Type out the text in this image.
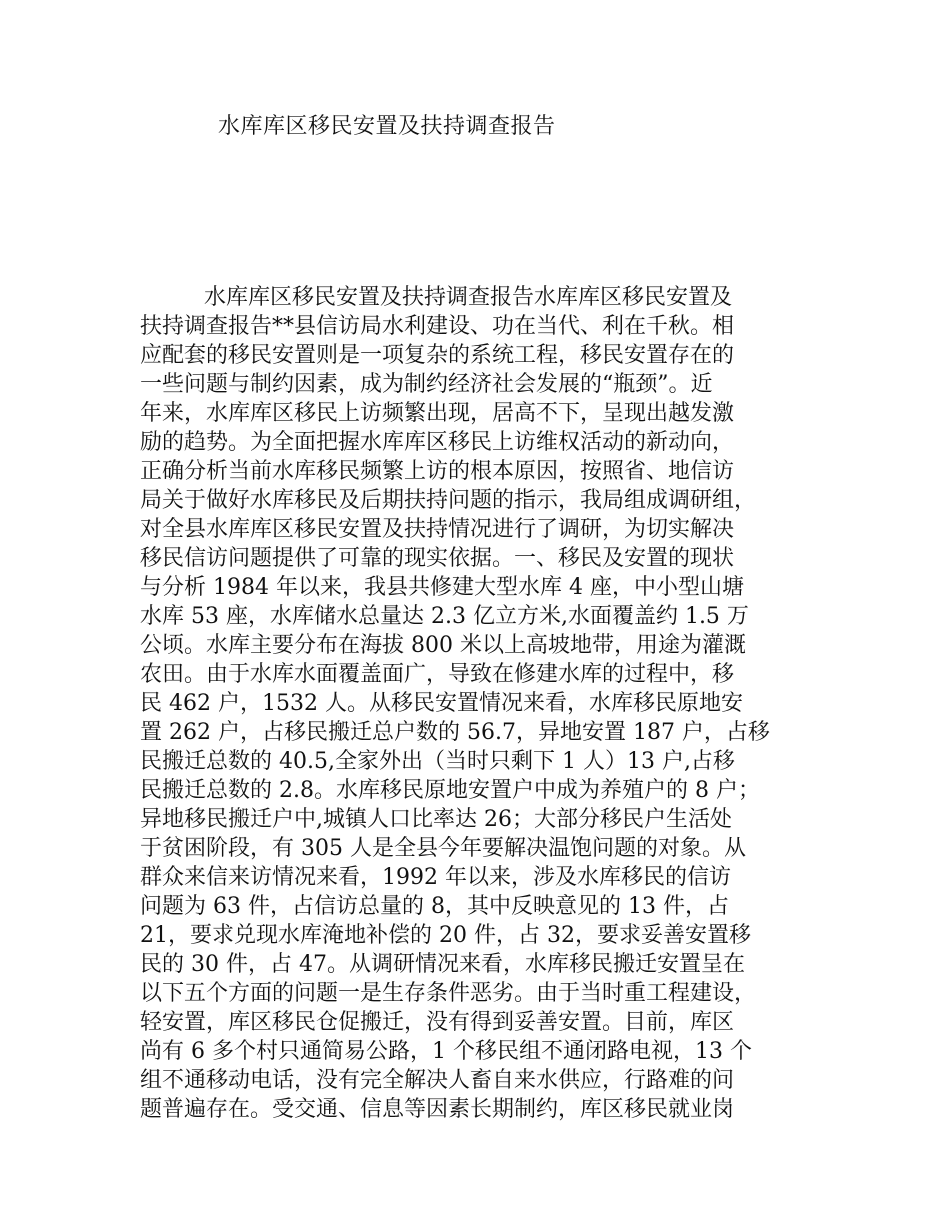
水库库区移民安置及扶持调查报告
水库库区移民安置及扶持调查报告水库库区移民安置及
扶持调查报告**县信访局水利建设、功在当代、利在千秋。相
应配套的移民安置则是一项复杂的系统工程，移民安置存在的
一些问题与制约因素，成为制约经济社会发展的“瓶颈”。近
年来，水库库区移民上访频繁出现，居高不下，呈现出越发激
励的趋势。为全面把握水库库区移民上访维权活动的新动向，
正确分析当前水库移民频繁上访的根本原因，按照省、地信访
局关于做好水库移民及后期扶持问题的指示，我局组成调研组，
对全县水库库区移民安置及扶持情况进行了调研，为切实解决
移民信访问题提供了可靠的现实依据。一、移民及安置的现状
与分析 1984 年以来，我县共修建大型水库 4 座，中小型山塘
水库 53 座，水库储水总量达 2.3 亿立方米,水面覆盖约 1.5 万
公顷。水库主要分布在海拔 800 米以上高坡地带，用途为灌溉
农田。由于水库水面覆盖面广，导致在修建水库的过程中，移
民 462 户，1532 人。从移民安置情况来看，水库移民原地安
置 262 户，占移民搬迁总户数的 56.7，异地安置 187 户，占移
民搬迁总数的 40.5,全家外出（当时只剩下 1 人）13 户,占移
民搬迁总数的 2.8。水库移民原地安置户中成为养殖户的 8 户；
异地移民搬迁户中,城镇人口比率达 26；大部分移民户生活处
于贫困阶段，有 305 人是全县今年要解决温饱问题的对象。从
群众来信来访情况来看，1992 年以来，涉及水库移民的信访
问题为 63 件，占信访总量的 8，其中反映意见的 13 件，占
21，要求兑现水库淹地补偿的 20 件，占 32，要求妥善安置移
民的 30 件，占 47。从调研情况来看，水库移民搬迁安置呈在
以下五个方面的问题一是生存条件恶劣。由于当时重工程建设，
轻安置，库区移民仓促搬迁，没有得到妥善安置。目前，库区
尚有 6 多个村只通简易公路，1 个移民组不通闭路电视，13 个
组不通移动电话，没有完全解决人畜自来水供应，行路难的问
题普遍存在。受交通、信息等因素长期制约，库区移民就业岗
